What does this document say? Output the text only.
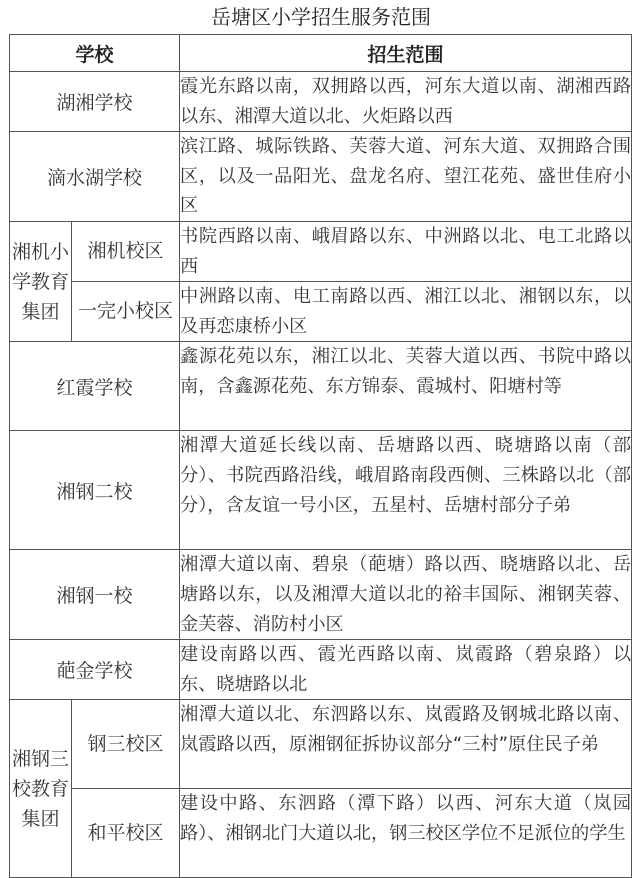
岳塘区小学招生服务范围
学校		招生范围
湖湘学校		霞光东路以南，双拥路以西，河东大道以南、湖湘西路以东、湘潭大道以北、火炬路以西
滴水湖学校		滨江路、城际铁路、芙蓉大道、河东大道、双拥路合围区，以及一品阳光、盘龙名府、望江花苑、盛世佳府小区
湘机小学教育集团	湘机校区	书院西路以南、峨眉路以东、中洲路以北、电工北路以西
	一完小校区	中洲路以南、电工南路以西、湘江以北、湘钢以东，以及再恋康桥小区
红霞学校		鑫源花苑以东，湘江以北、芙蓉大道以西、书院中路以南，含鑫源花苑、东方锦泰、霞城村、阳塘村等
湘钢二校		湘潭大道延长线以南、岳塘路以西、晓塘路以南（部分）、书院西路沿线，峨眉路南段西侧、三株路以北（部分），含友谊一号小区，五星村、岳塘村部分子弟
湘钢一校		湘潭大道以南、碧泉（葩塘）路以西、晓塘路以北、岳塘路以东，以及湘潭大道以北的裕丰国际、湘钢芙蓉、金芙蓉、消防村小区
葩金学校		建设南路以西、霞光西路以南、岚霞路（碧泉路）以东、晓塘路以北
湘钢三校教育集团	钢三校区	湘潭大道以北、东泗路以东、岚霞路及钢城北路以南、岚霞路以西，原湘钢征拆协议部分“三村”原住民子弟
	和平校区	建设中路、东泗路（潭下路）以西、河东大道（岚园路）、湘钢北门大道以北，钢三校区学位不足派位的学生
